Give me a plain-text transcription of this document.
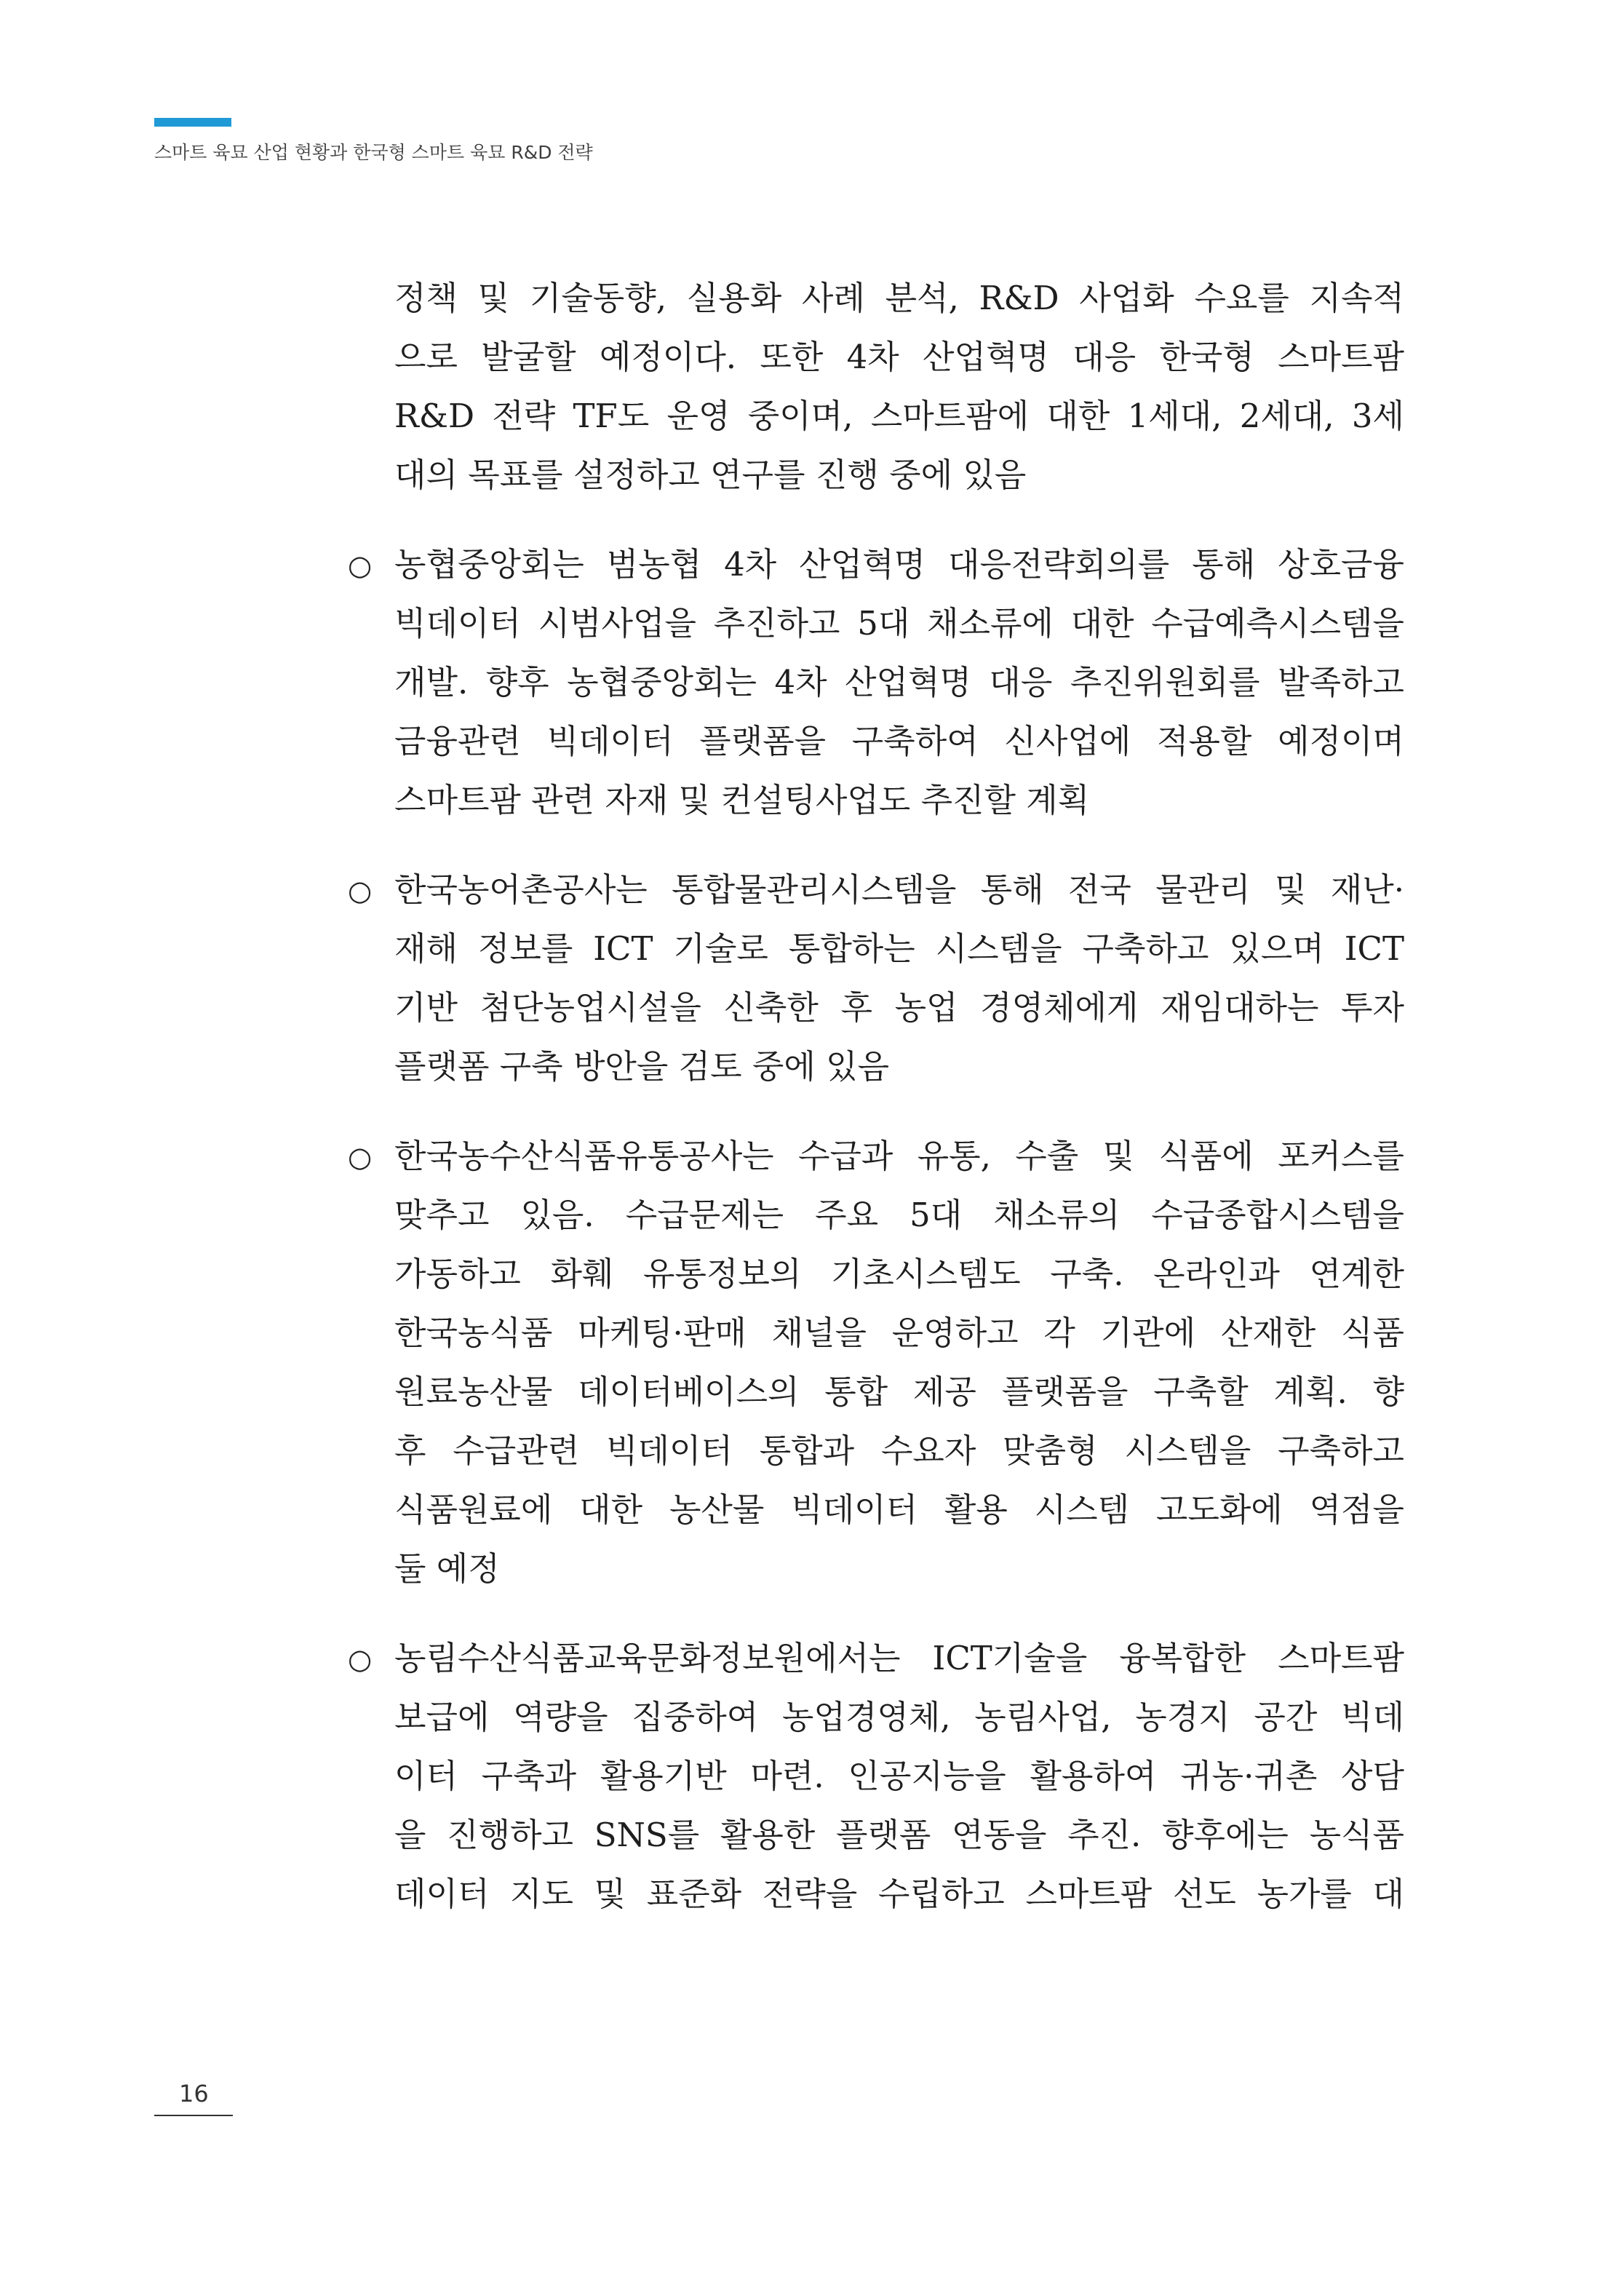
스마트 육묘 산업 현황과 한국형 스마트 육묘 R&D 전략
정책 및 기술동향, 실용화 사례 분석, R&D 사업화 수요를 지속적
으로 발굴할 예정이다. 또한 4차 산업혁명 대응 한국형 스마트팜
R&D 전략 TF도 운영 중이며, 스마트팜에 대한 1세대, 2세대, 3세
대의 목표를 설정하고 연구를 진행 중에 있음
○ 농협중앙회는 범농협 4차 산업혁명 대응전략회의를 통해 상호금융
빅데이터 시범사업을 추진하고 5대 채소류에 대한 수급예측시스템을
개발. 향후 농협중앙회는 4차 산업혁명 대응 추진위원회를 발족하고
금융관련 빅데이터 플랫폼을 구축하여 신사업에 적용할 예정이며
스마트팜 관련 자재 및 컨설팅사업도 추진할 계획
○ 한국농어촌공사는 통합물관리시스템을 통해 전국 물관리 및 재난·
재해 정보를 ICT 기술로 통합하는 시스템을 구축하고 있으며 ICT
기반 첨단농업시설을 신축한 후 농업 경영체에게 재임대하는 투자
플랫폼 구축 방안을 검토 중에 있음
○ 한국농수산식품유통공사는 수급과 유통, 수출 및 식품에 포커스를
맞추고 있음. 수급문제는 주요 5대 채소류의 수급종합시스템을
가동하고 화훼 유통정보의 기초시스템도 구축. 온라인과 연계한
한국농식품 마케팅·판매 채널을 운영하고 각 기관에 산재한 식품
원료농산물 데이터베이스의 통합 제공 플랫폼을 구축할 계획. 향
후 수급관련 빅데이터 통합과 수요자 맞춤형 시스템을 구축하고
식품원료에 대한 농산물 빅데이터 활용 시스템 고도화에 역점을
둘 예정
○ 농림수산식품교육문화정보원에서는 ICT기술을 융복합한 스마트팜
보급에 역량을 집중하여 농업경영체, 농림사업, 농경지 공간 빅데
이터 구축과 활용기반 마련. 인공지능을 활용하여 귀농·귀촌 상담
을 진행하고 SNS를 활용한 플랫폼 연동을 추진. 향후에는 농식품
데이터 지도 및 표준화 전략을 수립하고 스마트팜 선도 농가를 대
16
